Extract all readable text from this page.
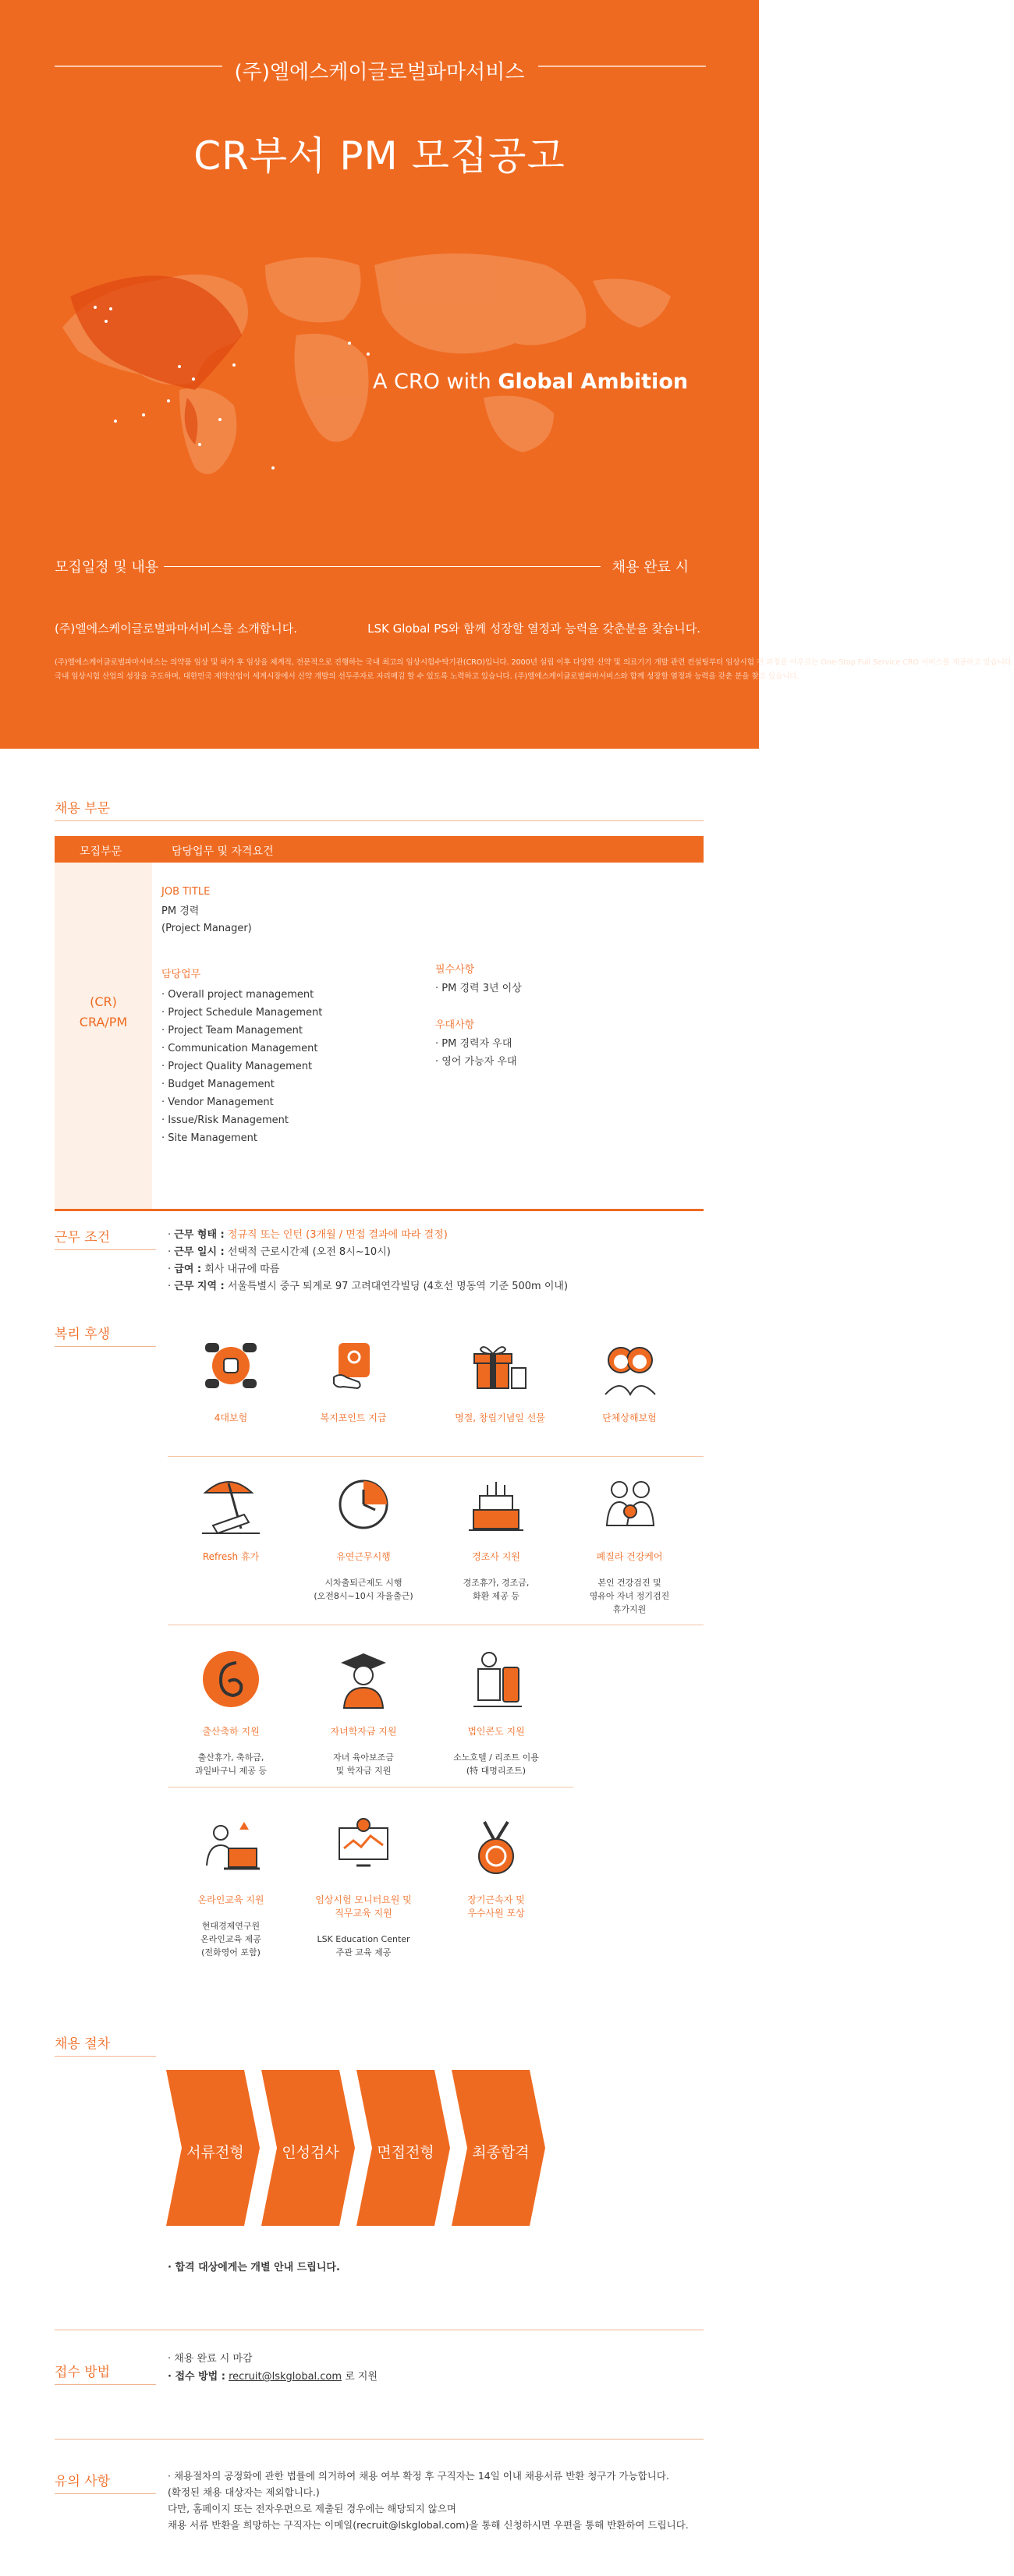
(주)엘에스케이글로벌파마서비스
CR부서 PM 모집공고
A CRO with Global Ambition
모집일정 및 내용	채용 완료 시
(주)엘에스케이글로벌파마서비스를 소개합니다.	LSK Global PS와 함께 성장할 열정과 능력을 갖춘분을 찾습니다.
(주)엘에스케이글로벌파마서비스는 의약품 임상 및 허가 후 임상을 체계적, 전문적으로 진행하는 국내 최고의 임상시험수탁기관(CRO)입니다. 2000년 설립 이후 다양한 신약 및 의료기기 개발 관련 컨설팅부터 임상시험 전 과정을 아우르는 One-Stop Full Service CRO 서비스를 제공하고 있습니다.
국내 임상시험 산업의 성장을 주도하며, 대한민국 제약산업이 세계시장에서 신약 개발의 선두주자로 자리매김 할 수 있도록 노력하고 있습니다. (주)엘에스케이글로벌파마서비스와 함께 성장할 열정과 능력을 갖춘 분을 찾고 있습니다.
채용 부문
모집부문	담당업무 및 자격요건
(CR)
CRA/PM
JOB TITLE
PM 경력
(Project Manager)
담당업무
· Overall project management
· Project Schedule Management
· Project Team Management
· Communication Management
· Project Quality Management
· Budget Management
· Vendor Management
· Issue/Risk Management
· Site Management
필수사항
· PM 경력 3년 이상
우대사항
· PM 경력자 우대
· 영어 가능자 우대
근무 조건	· 근무 형태 : 정규직 또는 인턴 (3개월 / 면접 결과에 따라 결정)
· 근무 일시 : 선택적 근로시간제 (오전 8시~10시)
· 급여 : 회사 내규에 따름
· 근무 지역 : 서울특별시 중구 퇴계로 97 고려대연각빌딩 (4호선 명동역 기준 500m 이내)
복리 후생
4대보험	복지포인트 지급	명절, 창립기념일 선물	단체상해보험
Refresh 휴가	유연근무시행
시차출퇴근제도 시행
(오전8시~10시 자율출근)
경조사 지원
경조휴가, 경조금,
화환 제공 등
폐질라 건강케어
본인 건강검진 및
영유아 자녀 정기검진
휴가지원
출산축하 지원
출산휴가, 축하금,
과일바구니 제공 등
자녀학자금 지원
자녀 육아보조금
및 학자금 지원
법인콘도 지원
소노호텔 / 리조트 이용
(特 대명리조트)
온라인교육 지원
현대경제연구원
온라인교육 제공
(전화영어 포함)
임상시험 모니터요원 및
직무교육 지원
LSK Education Center
주관 교육 제공
장기근속자 및
우수사원 포상
채용 절차
서류전형	인성검사	면접전형	최종합격
· 합격 대상에게는 개별 안내 드립니다.
접수 방법
· 채용 완료 시 마감
· 접수 방법 : recruit@lskglobal.com 로 지원
유의 사항	· 채용절차의 공정화에 관한 법률에 의거하여 채용 여부 확정 후 구직자는 14일 이내 채용서류 반환 청구가 가능합니다.
(확정된 채용 대상자는 제외합니다.)
다만, 홈페이지 또는 전자우편으로 제출된 경우에는 해당되지 않으며
채용 서류 반환을 희망하는 구직자는 이메일(recruit@lskglobal.com)을 통해 신청하시면 우편을 통해 반환하여 드립니다.
